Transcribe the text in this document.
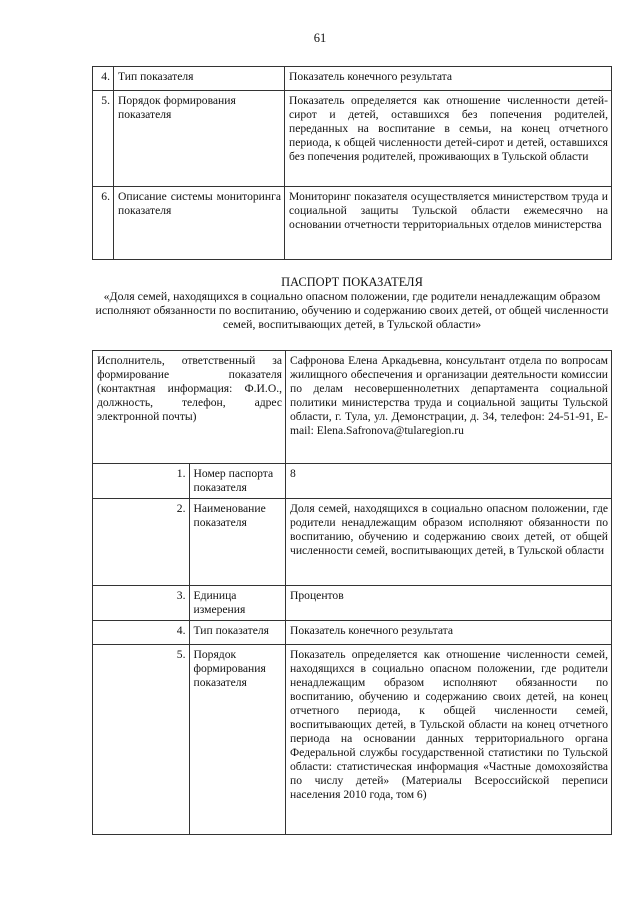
61
4.	Тип показателя	Показатель конечного результата
5.	Порядок формирования показателя	Показатель определяется как отношение численности детей-сирот и детей, оставшихся без попечения родителей, переданных на воспитание в семьи, на конец отчетного периода, к общей численности детей-сирот и детей, оставшихся без попечения родителей, проживающих в Тульской области
6.	Описание системы мониторинга показателя	Мониторинг показателя осуществляется министерством труда и социальной защиты Тульской области ежемесячно на основании отчетности территориальных отделов министерства
ПАСПОРТ ПОКАЗАТЕЛЯ
«Доля семей, находящихся в социально опасном положении, где родители ненадлежащим образом исполняют обязанности по воспитанию, обучению и содержанию своих детей, от общей численности семей, воспитывающих детей, в Тульской области»
Исполнитель, ответственный за формирование показателя (контактная информация: Ф.И.О., должность, телефон, адрес электронной почты)		Сафронова Елена Аркадьевна, консультант отдела по вопросам жилищного обеспечения и организации деятельности комиссии по делам несовершеннолетних департамента социальной политики министерства труда и социальной защиты Тульской области, г. Тула, ул. Демонстрации, д. 34, телефон: 24-51-91, E-mail: Elena.Safronova@tularegion.ru
1.	Номер паспорта показателя	8
2.	Наименование показателя	Доля семей, находящихся в социально опасном положении, где родители ненадлежащим образом исполняют обязанности по воспитанию, обучению и содержанию своих детей, от общей численности семей, воспитывающих детей, в Тульской области
3.	Единица измерения	Процентов
4.	Тип показателя	Показатель конечного результата
5.	Порядок формирования показателя	Показатель определяется как отношение численности семей, находящихся в социально опасном положении, где родители ненадлежащим образом исполняют обязанности по воспитанию, обучению и содержанию своих детей, на конец отчетного периода, к общей численности семей, воспитывающих детей, в Тульской области на конец отчетного периода на основании данных территориального органа Федеральной службы государственной статистики по Тульской области: статистическая информация «Частные домохозяйства по числу детей» (Материалы Всероссийской переписи населения 2010 года, том 6)
